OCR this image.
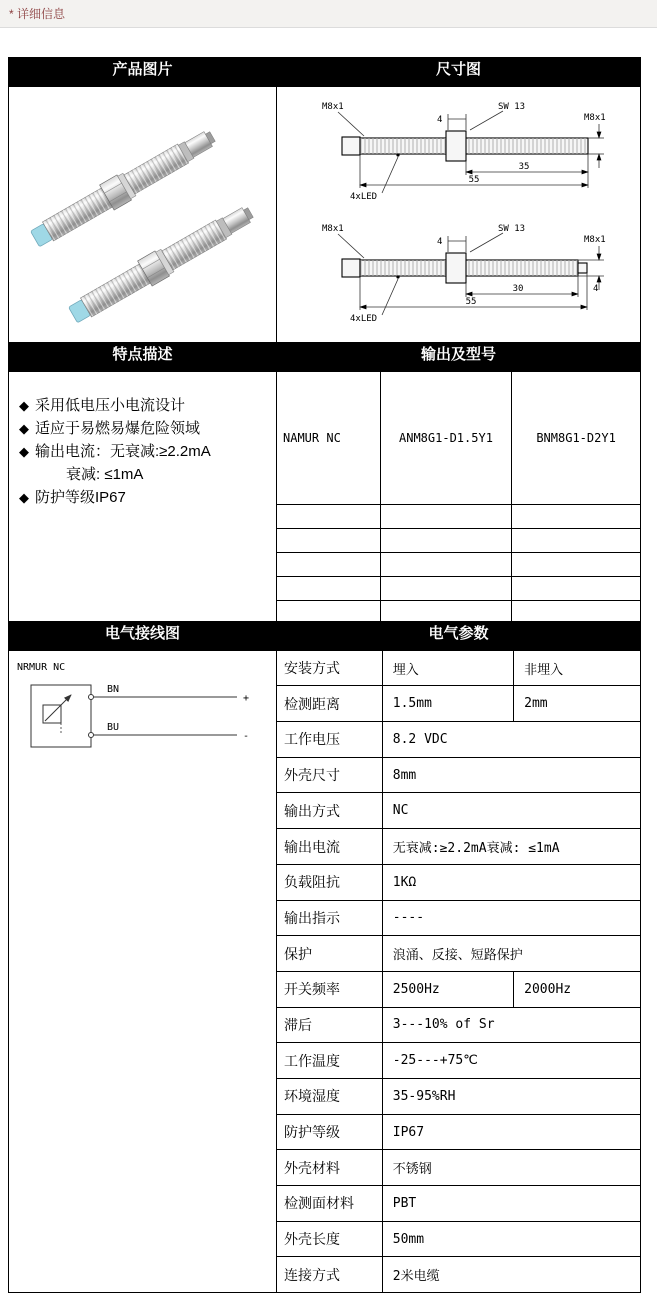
* 详细信息
产品图片	尺寸图

M8x1
4
SW 13
M8x1
4xLED
35
55
M8x1
4
SW 13
M8x1
4xLED
30	4
55

特点描述	输出及型号

◆ 采用低电压小电流设计
◆ 适应于易燃易爆危险领域
◆ 输出电流：无衰减:≥2.2mA
衰减: ≤1mA
◆ 防护等级IP67

NAMUR NC	ANM8G1-D1.5Y1	BNM8G1-D2Y1

电气接线图	电气参数

NRMUR NC
BN
+
BU
-

安装方式	埋入	非埋入
检测距离	1.5mm	2mm
工作电压	8.2 VDC
外壳尺寸	8mm
输出方式	NC
输出电流	无衰减:≥2.2mA衰减: ≤1mA
负载阻抗	1KΩ
输出指示	----
保护	浪涌、反接、短路保护
开关频率	2500Hz	2000Hz
滞后	3---10% of Sr
工作温度	-25---+75℃
环境湿度	35-95%RH
防护等级	IP67
外壳材料	不锈钢
检测面材料	PBT
外壳长度	50mm
连接方式	2米电缆
